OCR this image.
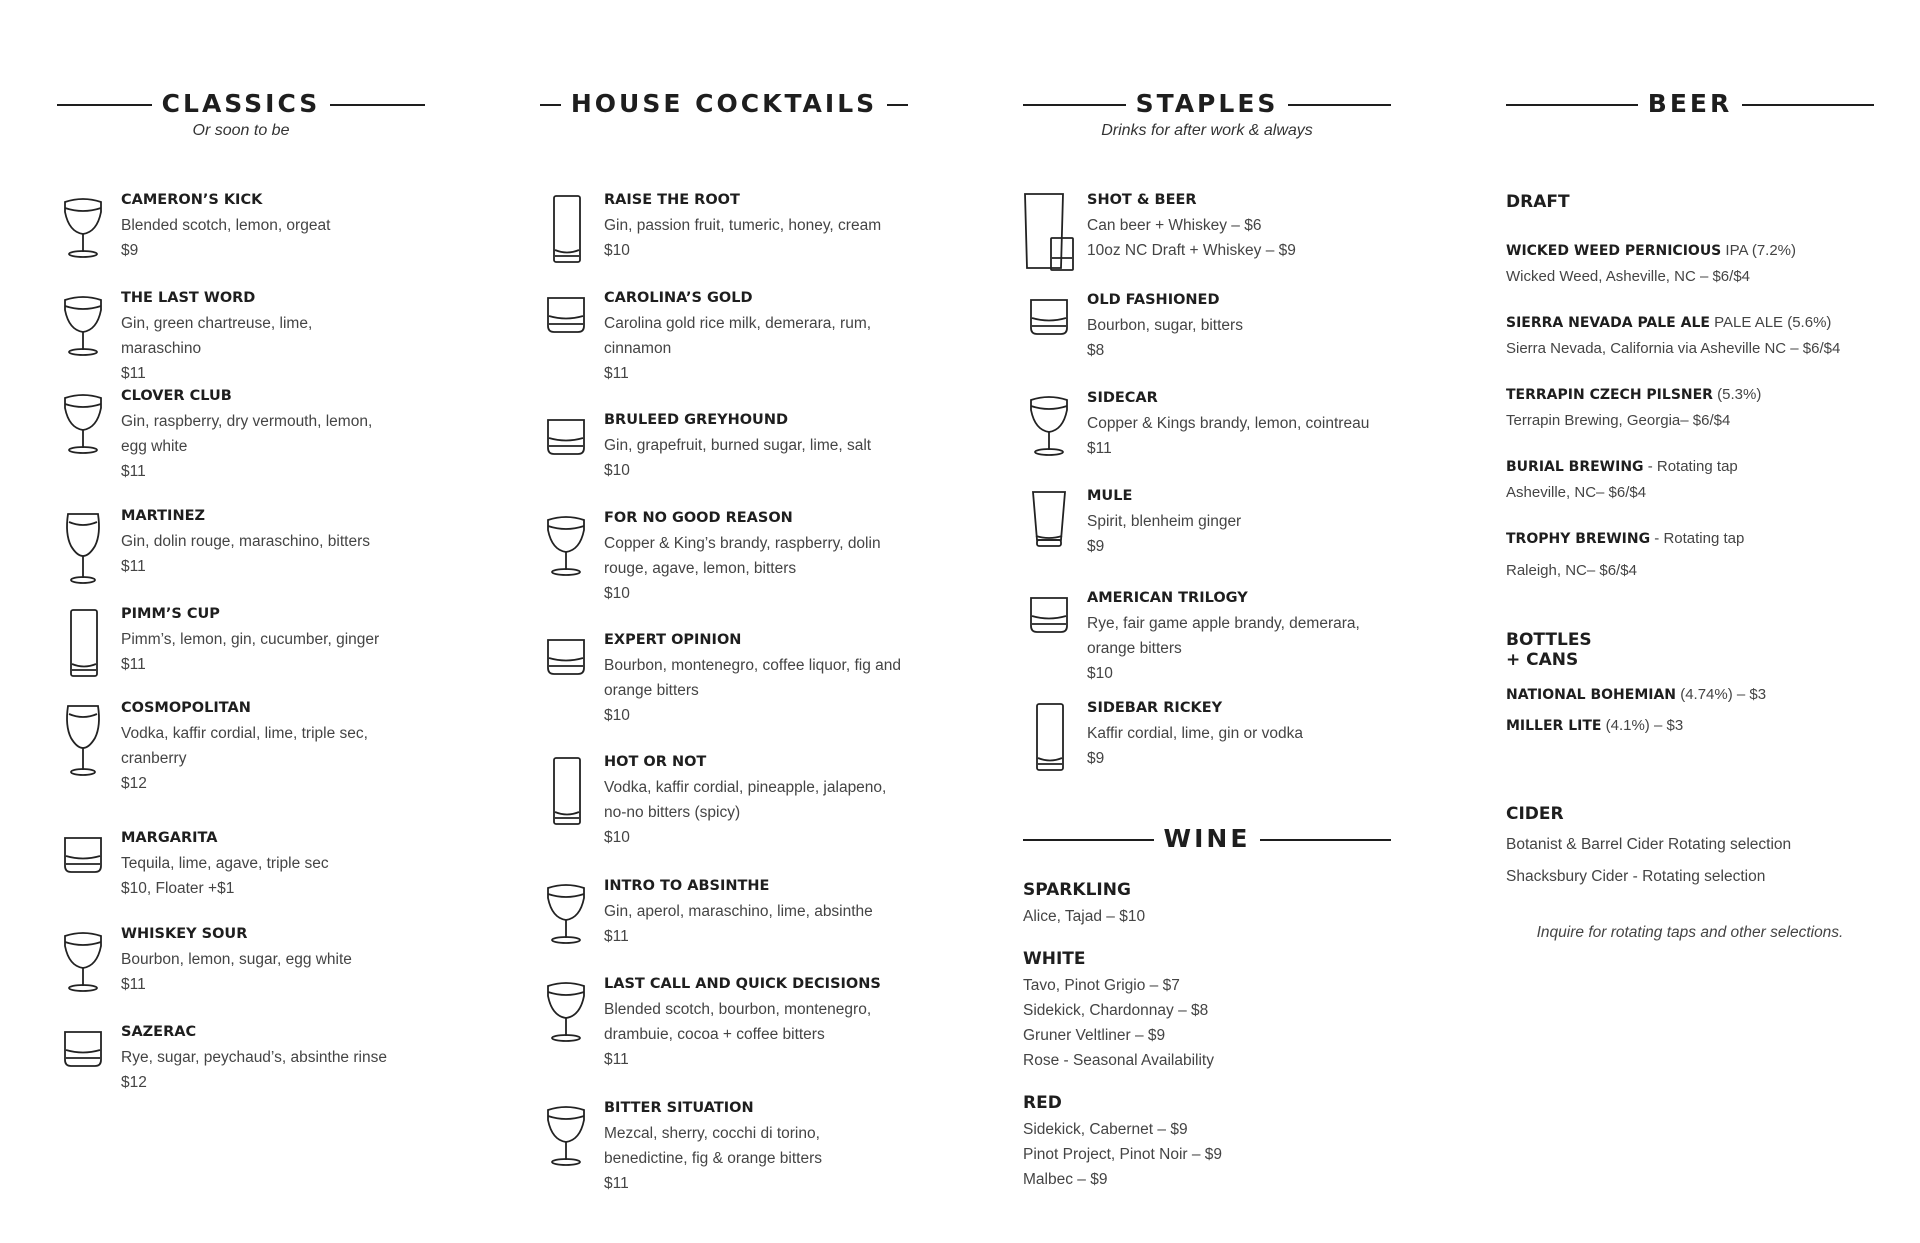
CLASSICS
Or soon to be
CAMERON’S KICK
Blended scotch, lemon, orgeat
$9
THE LAST WORD
Gin, green chartreuse, lime, maraschino
$11
CLOVER CLUB
Gin, raspberry, dry vermouth, lemon, egg white
$11
MARTINEZ
Gin, dolin rouge, maraschino, bitters
$11
PIMM’S CUP
Pimm’s, lemon, gin, cucumber, ginger
$11
COSMOPOLITAN
Vodka, kaffir cordial, lime, triple sec, cranberry
$12
MARGARITA
Tequila, lime, agave, triple sec
$10, Floater +$1
WHISKEY SOUR
Bourbon, lemon, sugar, egg white
$11
SAZERAC
Rye, sugar, peychaud’s, absinthe rinse
$12
HOUSE COCKTAILS
RAISE THE ROOT
Gin, passion fruit, tumeric, honey, cream
$10
CAROLINA’S GOLD
Carolina gold rice milk, demerara, rum, cinnamon
$11
BRULEED GREYHOUND
Gin, grapefruit, burned sugar, lime, salt
$10
FOR NO GOOD REASON
Copper & King’s brandy, raspberry, dolin rouge, agave, lemon, bitters
$10
EXPERT OPINION
Bourbon, montenegro, coffee liquor, fig and orange bitters
$10
HOT OR NOT
Vodka, kaffir cordial, pineapple, jalapeno, no-no bitters (spicy)
$10
INTRO TO ABSINTHE
Gin, aperol, maraschino, lime, absinthe
$11
LAST CALL AND QUICK DECISIONS
Blended scotch, bourbon, montenegro, drambuie, cocoa + coffee bitters
$11
BITTER SITUATION
Mezcal, sherry, cocchi di torino, benedictine, fig & orange bitters
$11
STAPLES
Drinks for after work & always
SHOT & BEER
Can beer + Whiskey – $6
10oz NC Draft + Whiskey – $9
OLD FASHIONED
Bourbon, sugar, bitters
$8
SIDECAR
Copper & Kings brandy, lemon, cointreau
$11
MULE
Spirit, blenheim ginger
$9
AMERICAN TRILOGY
Rye, fair game apple brandy, demerara, orange bitters
$10
SIDEBAR RICKEY
Kaffir cordial, lime, gin or vodka
$9
WINE
SPARKLING
Alice, Tajad – $10
WHITE
Tavo, Pinot Grigio – $7
Sidekick, Chardonnay – $8
Gruner Veltliner – $9
Rose - Seasonal Availability
RED
Sidekick, Cabernet – $9
Pinot Project, Pinot Noir – $9
Malbec – $9
BEER
DRAFT
WICKED WEED PERNICIOUS IPA (7.2%)
Wicked Weed, Asheville, NC – $6/$4
SIERRA NEVADA PALE ALE PALE ALE (5.6%)
Sierra Nevada, California via Asheville NC – $6/$4
TERRAPIN CZECH PILSNER (5.3%)
Terrapin Brewing, Georgia– $6/$4
BURIAL BREWING - Rotating tap
Asheville, NC– $6/$4
TROPHY BREWING - Rotating tap
Raleigh, NC– $6/$4
BOTTLES + CANS
NATIONAL BOHEMIAN (4.74%) – $3
MILLER LITE (4.1%) – $3
CIDER
Botanist & Barrel Cider Rotating selection
Shacksbury Cider - Rotating selection
Inquire for rotating taps and other selections.
